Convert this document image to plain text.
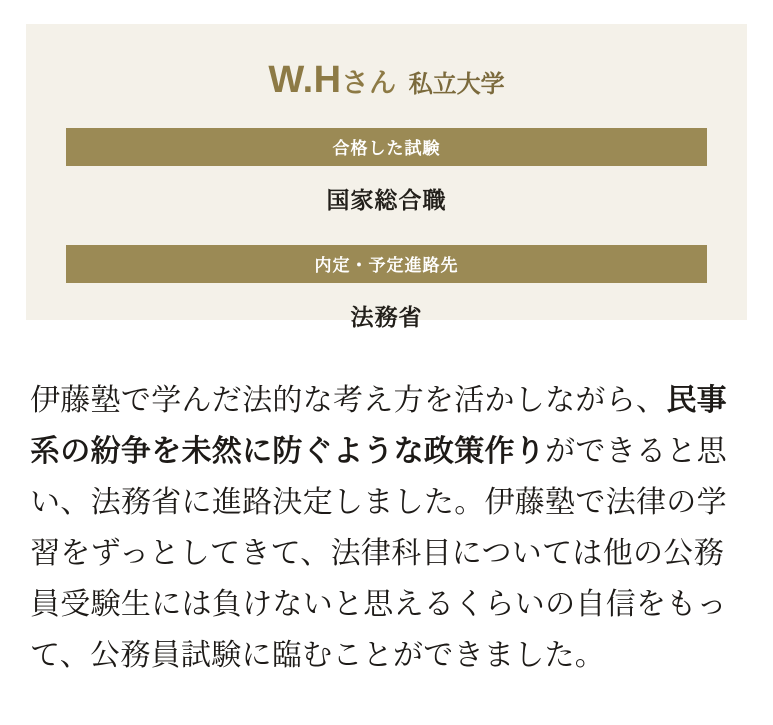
W.Hさん 私立大学
合格した試験
国家総合職
内定・予定進路先
法務省

伊藤塾で学んだ法的な考え方を活かしながら、民事系の紛争を未然に防ぐような政策作りができると思い、法務省に進路決定しました。伊藤塾で法律の学習をずっとしてきて、法律科目については他の公務員受験生には負けないと思えるくらいの自信をもって、公務員試験に臨むことができました。
